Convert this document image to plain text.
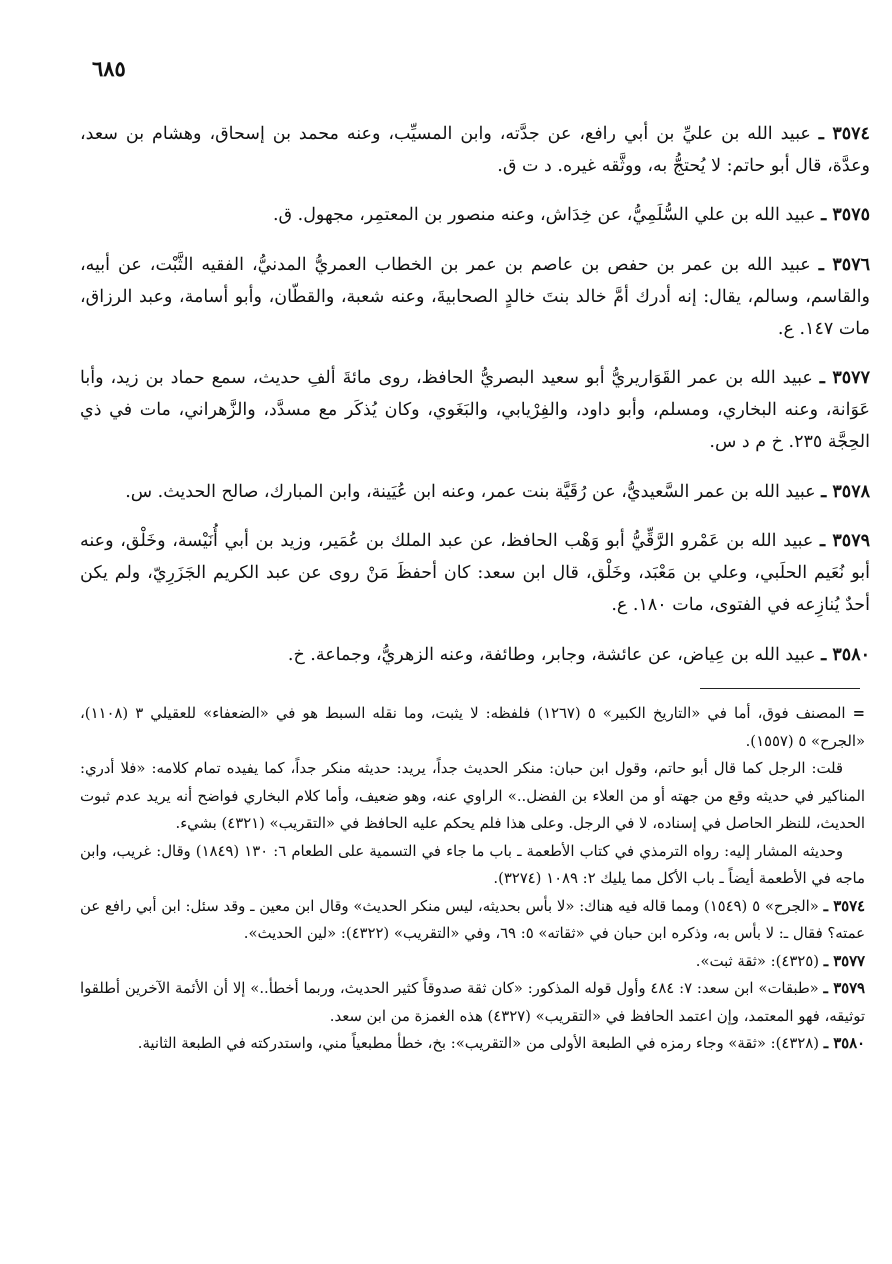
٦٨٥

٣٥٧٤ ـ عبيد الله بن عليِّ بن أبي رافع، عن جدَّته، وابن المسيِّب، وعنه محمد بن إسحاق، وهشام بن سعد، وعدَّة، قال أبو حاتم: لا يُحتجُّ به، ووثَّقه غيره. د ت ق.

٣٥٧٥ ـ عبيد الله بن علي السُّلَمِيُّ، عن خِدَاش، وعنه منصور بن المعتمِر، مجهول. ق.

٣٥٧٦ ـ عبيد الله بن عمر بن حفص بن عاصم بن عمر بن الخطاب العمريُّ المدنيُّ، الفقيه الثَّبْت، عن أبيه، والقاسم، وسالم، يقال: إنه أدرك أمَّ خالد بنتَ خالدٍ الصحابيةَ، وعنه شعبة، والقطّان، وأبو أسامة، وعبد الرزاق، مات ١٤٧. ع.

٣٥٧٧ ـ عبيد الله بن عمر القَوَاريريُّ أبو سعيد البصريُّ الحافظ، روى مائةَ ألفِ حديث، سمع حماد بن زيد، وأبا عَوَانة، وعنه البخاري، ومسلم، وأبو داود، والفِرْيابي، والبَغَوي، وكان يُذكَر مع مسدَّد، والزَّهراني، مات في ذي الحِجَّة ٢٣٥. خ م د س.

٣٥٧٨ ـ عبيد الله بن عمر السَّعيديُّ، عن رُقَيَّة بنت عمر، وعنه ابن عُيَينة، وابن المبارك، صالح الحديث. س.

٣٥٧٩ ـ عبيد الله بن عَمْرو الرَّقِّيُّ أبو وَهْب الحافظ، عن عبد الملك بن عُمَير، وزيد بن أبي أُنَيْسة، وخَلْق، وعنه أبو نُعَيم الحلَبي، وعلي بن مَعْبَد، وخَلْق، قال ابن سعد: كان أحفظَ مَنْ روى عن عبد الكريم الجَزَرِيّ، ولم يكن أحدٌ يُنازِعه في الفتوى، مات ١٨٠. ع.

٣٥٨٠ ـ عبيد الله بن عِياض، عن عائشة، وجابر، وطائفة، وعنه الزهريُّ، وجماعة. خ.

= المصنف فوق، أما في «التاريخ الكبير» ٥ (١٢٦٧) فلفظه: لا يثبت، وما نقله السبط هو في «الضعفاء» للعقيلي ٣ (١١٠٨)، «الجرح» ٥ (١٥٥٧).

قلت: الرجل كما قال أبو حاتم، وقول ابن حبان: منكر الحديث جداً، يريد: حديثه منكر جداً، كما يفيده تمام كلامه: «فلا أدري: المناكير في حديثه وقع من جهته أو من العلاء بن الفضل..» الراوي عنه، وهو ضعيف، وأما كلام البخاري فواضح أنه يريد عدم ثبوت الحديث، للنظر الحاصل في إسناده، لا في الرجل. وعلى هذا فلم يحكم عليه الحافظ في «التقريب» (٤٣٢١) بشيء.

وحديثه المشار إليه: رواه الترمذي في كتاب الأطعمة ـ باب ما جاء في التسمية على الطعام ٦: ١٣٠ (١٨٤٩) وقال: غريب، وابن ماجه في الأطعمة أيضاً ـ باب الأكل مما يليك ٢: ١٠٨٩ (٣٢٧٤).

٣٥٧٤ ـ «الجرح» ٥ (١٥٤٩) ومما قاله فيه هناك: «لا بأس بحديثه، ليس منكر الحديث» وقال ابن معين ـ وقد سئل: ابن أبي رافع عن عمته؟ فقال ـ: لا بأس به، وذكره ابن حبان في «ثقاته» ٥: ٦٩، وفي «التقريب» (٤٣٢٢): «لين الحديث».

٣٥٧٧ ـ (٤٣٢٥): «ثقة ثبت».

٣٥٧٩ ـ «طبقات» ابن سعد: ٧: ٤٨٤ وأول قوله المذكور: «كان ثقة صدوقاً كثير الحديث، وربما أخطأ..» إلا أن الأئمة الآخرين أطلقوا توثيقه، فهو المعتمد، وإن اعتمد الحافظ في «التقريب» (٤٣٢٧) هذه الغمزة من ابن سعد.

٣٥٨٠ ـ (٤٣٢٨): «ثقة» وجاء رمزه في الطبعة الأولى من «التقريب»: بخ، خطأ مطبعياً مني، واستدركته في الطبعة الثانية.
